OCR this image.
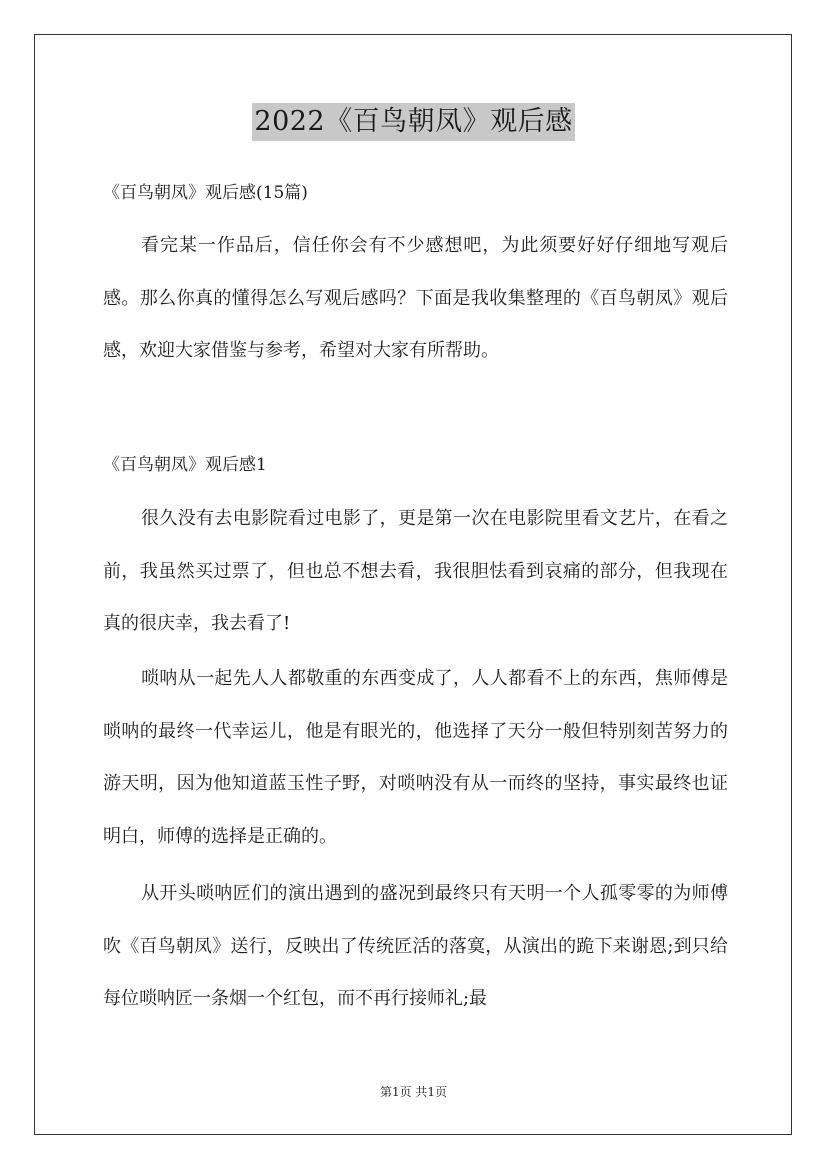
2022《百鸟朝凤》观后感
《百鸟朝凤》观后感(15篇)

看完某一作品后，信任你会有不少感想吧，为此须要好好仔细地写观后感。那么你真的懂得怎么写观后感吗？下面是我收集整理的《百鸟朝凤》观后感，欢迎大家借鉴与参考，希望对大家有所帮助。

《百鸟朝凤》观后感1

很久没有去电影院看过电影了，更是第一次在电影院里看文艺片，在看之前，我虽然买过票了，但也总不想去看，我很胆怯看到哀痛的部分，但我现在真的很庆幸，我去看了!

唢呐从一起先人人都敬重的东西变成了，人人都看不上的东西，焦师傅是唢呐的最终一代幸运儿，他是有眼光的，他选择了天分一般但特别刻苦努力的游天明，因为他知道蓝玉性子野，对唢呐没有从一而终的坚持，事实最终也证明白，师傅的选择是正确的。

从开头唢呐匠们的演出遇到的盛况到最终只有天明一个人孤零零的为师傅吹《百鸟朝凤》送行，反映出了传统匠活的落寞，从演出的跪下来谢恩;到只给每位唢呐匠一条烟一个红包，而不再行接师礼;最

第1页 共1页
